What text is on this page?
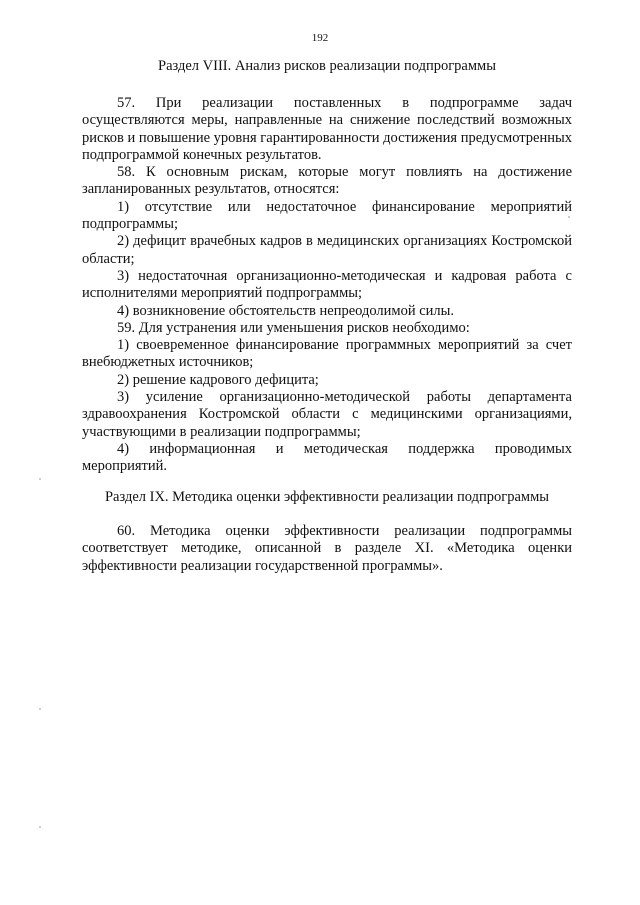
192
Раздел VIII. Анализ рисков реализации подпрограммы

57. При реализации поставленных в подпрограмме задач осуществляются меры, направленные на снижение последствий возможных рисков и повышение уровня гарантированности достижения предусмотренных подпрограммой конечных результатов.

58. К основным рискам, которые могут повлиять на достижение запланированных результатов, относятся:

1) отсутствие или недостаточное финансирование мероприятий подпрограммы;

2) дефицит врачебных кадров в медицинских организациях Костромской области;

3) недостаточная организационно-методическая и кадровая работа с исполнителями мероприятий подпрограммы;

4) возникновение обстоятельств непреодолимой силы.

59. Для устранения или уменьшения рисков необходимо:

1) своевременное финансирование программных мероприятий за счет внебюджетных источников;

2) решение кадрового дефицита;

3) усиление организационно-методической работы департамента здравоохранения Костромской области с медицинскими организациями, участвующими в реализации подпрограммы;

4) информационная и методическая поддержка проводимых мероприятий.

Раздел IX. Методика оценки эффективности реализации подпрограммы

60. Методика оценки эффективности реализации подпрограммы соответствует методике, описанной в разделе XI. «Методика оценки эффективности реализации государственной программы».
